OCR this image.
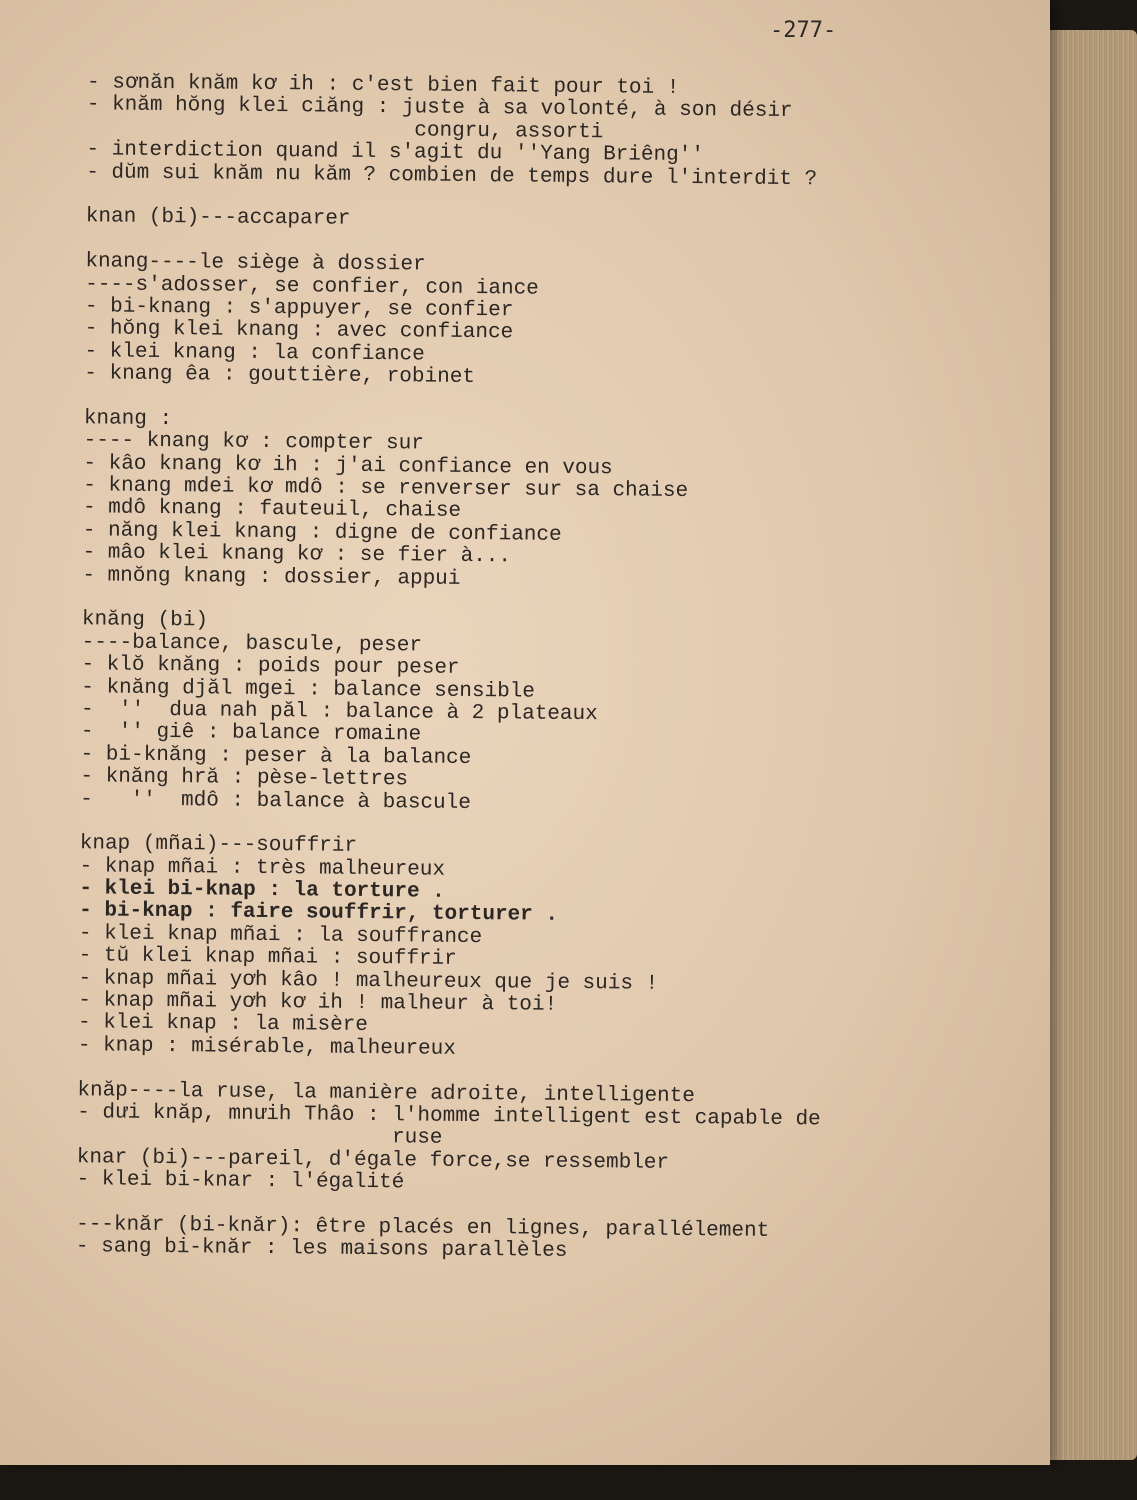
-277-
- sơnăn knăm kơ ih : c'est bien fait pour toi !
- knăm hŏng klei ciăng : juste à sa volonté, à son désir
congru, assorti
- interdiction quand il s'agit du ''Yang Briêng''
- dŭm sui knăm nu kăm ? combien de temps dure l'interdit ?
knan (bi)---accaparer
knang----le siège à dossier
----s'adosser, se confier, con iance
- bi-knang : s'appuyer, se confier
- hŏng klei knang : avec confiance
- klei knang : la confiance
- knang êa : gouttière, robinet
knang :
---- knang kơ : compter sur
- kâo knang kơ ih : j'ai confiance en vous
- knang mdei kơ mdô : se renverser sur sa chaise
- mdô knang : fauteuil, chaise
- năng klei knang : digne de confiance
- mâo klei knang kơ : se fier à...
- mnŏng knang : dossier, appui
knăng (bi)
----balance, bascule, peser
- klŏ knăng : poids pour peser
- knăng djăl mgei : balance sensible
-  ''  dua nah păl : balance à 2 plateaux
-  '' giê : balance romaine
- bi-knăng : peser à la balance
- knăng hră : pèse-lettres
-   ''  mdô : balance à bascule
knap (mñai)---souffrir
- knap mñai : très malheureux
- klei bi-knap : la torture .
- bi-knap : faire souffrir, torturer .
- klei knap mñai : la souffrance
- tŭ klei knap mñai : souffrir
- knap mñai yơh kâo ! malheureux que je suis !
- knap mñai yơh kơ ih ! malheur à toi!
- klei knap : la misère
- knap : misérable, malheureux
knăp----la ruse, la manière adroite, intelligente
- dưi knăp, mnưih Thâo : l'homme intelligent est capable de
ruse
knar (bi)---pareil, d'égale force,se ressembler
- klei bi-knar : l'égalité
---knăr (bi-knăr): être placés en lignes, parallélement
- sang bi-knăr : les maisons parallèles
